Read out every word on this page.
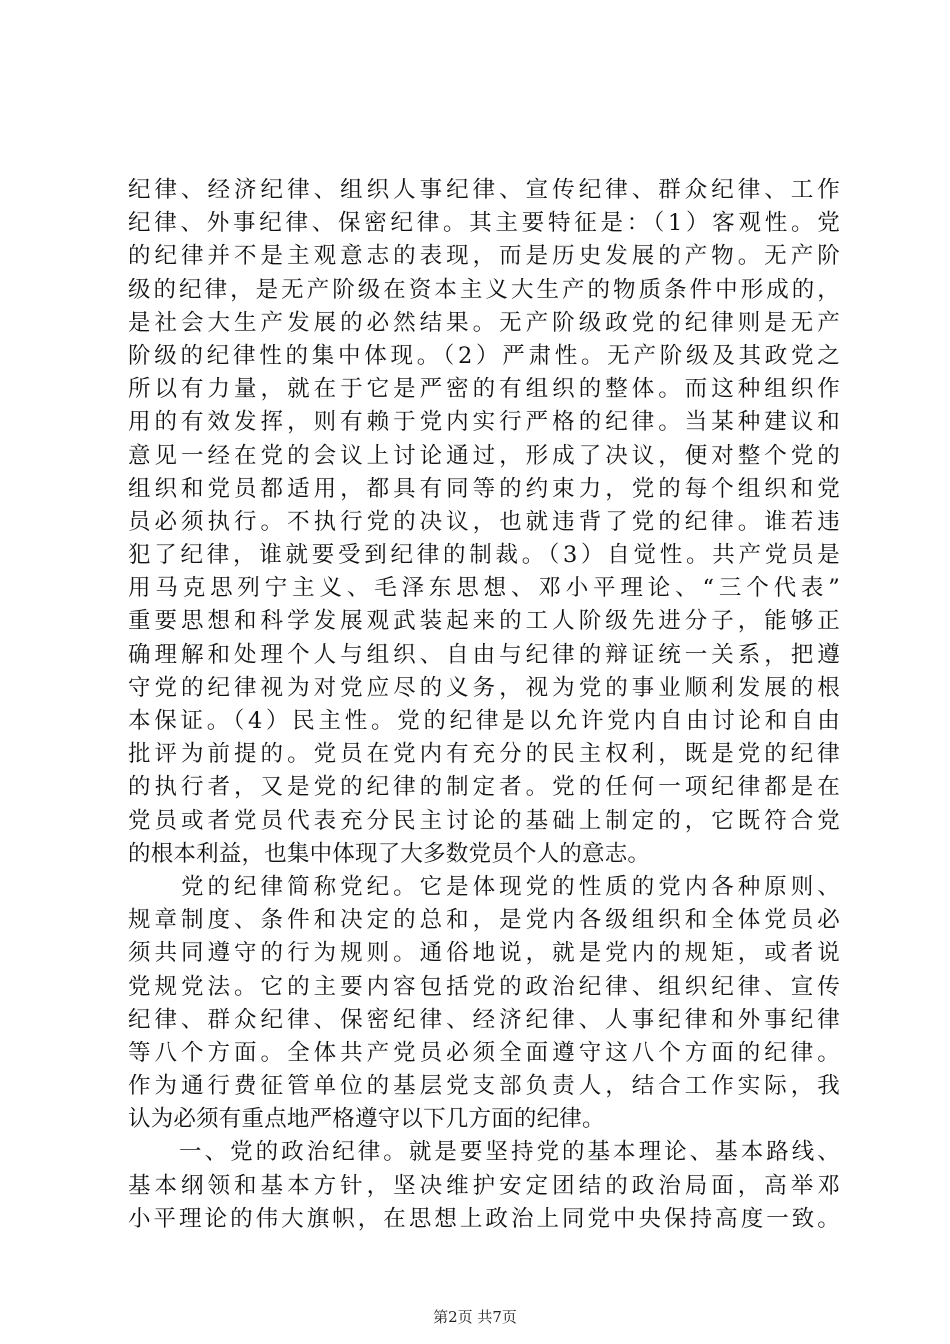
纪律、经济纪律、组织人事纪律、宣传纪律、群众纪律、工作
纪律、外事纪律、保密纪律。其主要特征是：（1）客观性。党
的纪律并不是主观意志的表现，而是历史发展的产物。无产阶
级的纪律，是无产阶级在资本主义大生产的物质条件中形成的，
是社会大生产发展的必然结果。无产阶级政党的纪律则是无产
阶级的纪律性的集中体现。（2）严肃性。无产阶级及其政党之
所以有力量，就在于它是严密的有组织的整体。而这种组织作
用的有效发挥，则有赖于党内实行严格的纪律。当某种建议和
意见一经在党的会议上讨论通过，形成了决议，便对整个党的
组织和党员都适用，都具有同等的约束力，党的每个组织和党
员必须执行。不执行党的决议，也就违背了党的纪律。谁若违
犯了纪律，谁就要受到纪律的制裁。（3）自觉性。共产党员是
用马克思列宁主义、毛泽东思想、邓小平理论、“三个代表”
重要思想和科学发展观武装起来的工人阶级先进分子，能够正
确理解和处理个人与组织、自由与纪律的辩证统一关系，把遵
守党的纪律视为对党应尽的义务，视为党的事业顺利发展的根
本保证。（4）民主性。党的纪律是以允许党内自由讨论和自由
批评为前提的。党员在党内有充分的民主权利，既是党的纪律
的执行者，又是党的纪律的制定者。党的任何一项纪律都是在
党员或者党员代表充分民主讨论的基础上制定的，它既符合党
的根本利益，也集中体现了大多数党员个人的意志。
　　党的纪律简称党纪。它是体现党的性质的党内各种原则、
规章制度、条件和决定的总和，是党内各级组织和全体党员必
须共同遵守的行为规则。通俗地说，就是党内的规矩，或者说
党规党法。它的主要内容包括党的政治纪律、组织纪律、宣传
纪律、群众纪律、保密纪律、经济纪律、人事纪律和外事纪律
等八个方面。全体共产党员必须全面遵守这八个方面的纪律。
作为通行费征管单位的基层党支部负责人，结合工作实际，我
认为必须有重点地严格遵守以下几方面的纪律。
　　一、党的政治纪律。就是要坚持党的基本理论、基本路线、
基本纲领和基本方针，坚决维护安定团结的政治局面，高举邓
小平理论的伟大旗帜，在思想上政治上同党中央保持高度一致。
第2页 共7页
